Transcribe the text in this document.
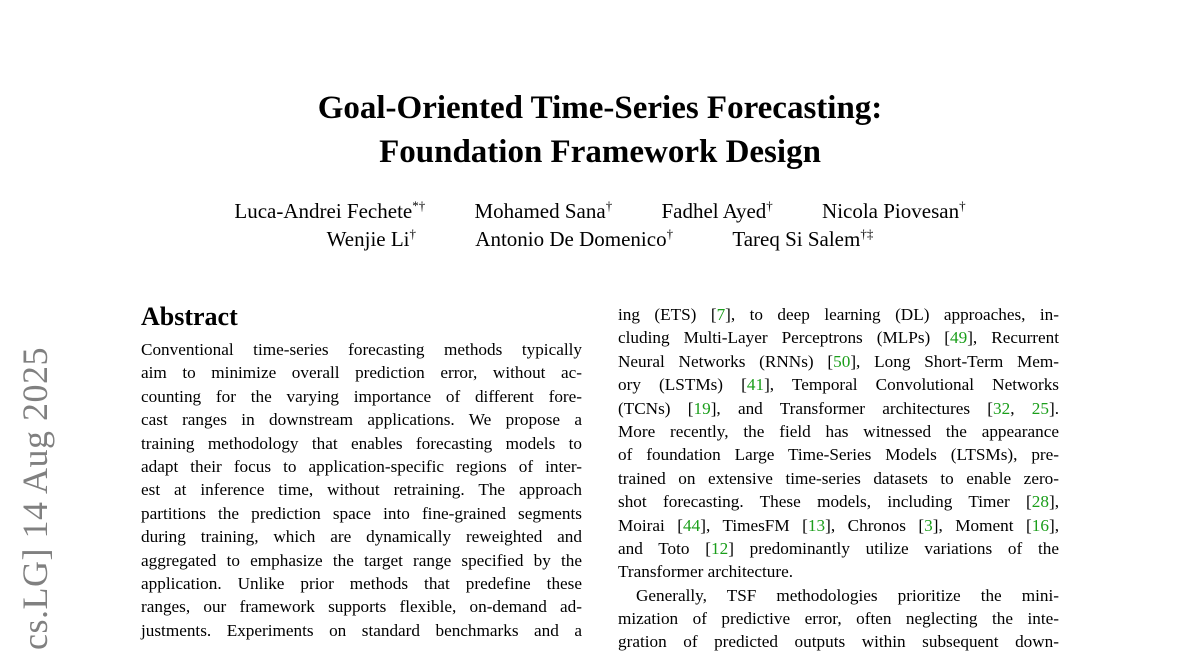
cs.LG] 14 Aug 2025
Goal-Oriented Time-Series Forecasting:
Foundation Framework Design
Luca-Andrei Fechete*† Mohamed Sana† Fadhel Ayed† Nicola Piovesan†
Wenjie Li†	Antonio De Domenico†	Tareq Si Salem†‡
Abstract
Conventional time-series forecasting methods typically
aim to minimize overall prediction error, without ac-
counting for the varying importance of different fore-
cast ranges in downstream applications. We propose a
training methodology that enables forecasting models to
adapt their focus to application-specific regions of inter-
est at inference time, without retraining. The approach
partitions the prediction space into fine-grained segments
during training, which are dynamically reweighted and
aggregated to emphasize the target range specified by the
application. Unlike prior methods that predefine these
ranges, our framework supports flexible, on-demand ad-
justments. Experiments on standard benchmarks and a
ing (ETS) [7], to deep learning (DL) approaches, in-
cluding Multi-Layer Perceptrons (MLPs) [49], Recurrent
Neural Networks (RNNs) [50], Long Short-Term Mem-
ory (LSTMs) [41], Temporal Convolutional Networks
(TCNs) [19], and Transformer architectures [32, 25].
More recently, the field has witnessed the appearance
of foundation Large Time-Series Models (LTSMs), pre-
trained on extensive time-series datasets to enable zero-
shot forecasting. These models, including Timer [28],
Moirai [44], TimesFM [13], Chronos [3], Moment [16],
and Toto [12] predominantly utilize variations of the
Transformer architecture.
Generally, TSF methodologies prioritize the mini-
mization of predictive error, often neglecting the inte-
gration of predicted outputs within subsequent down-
